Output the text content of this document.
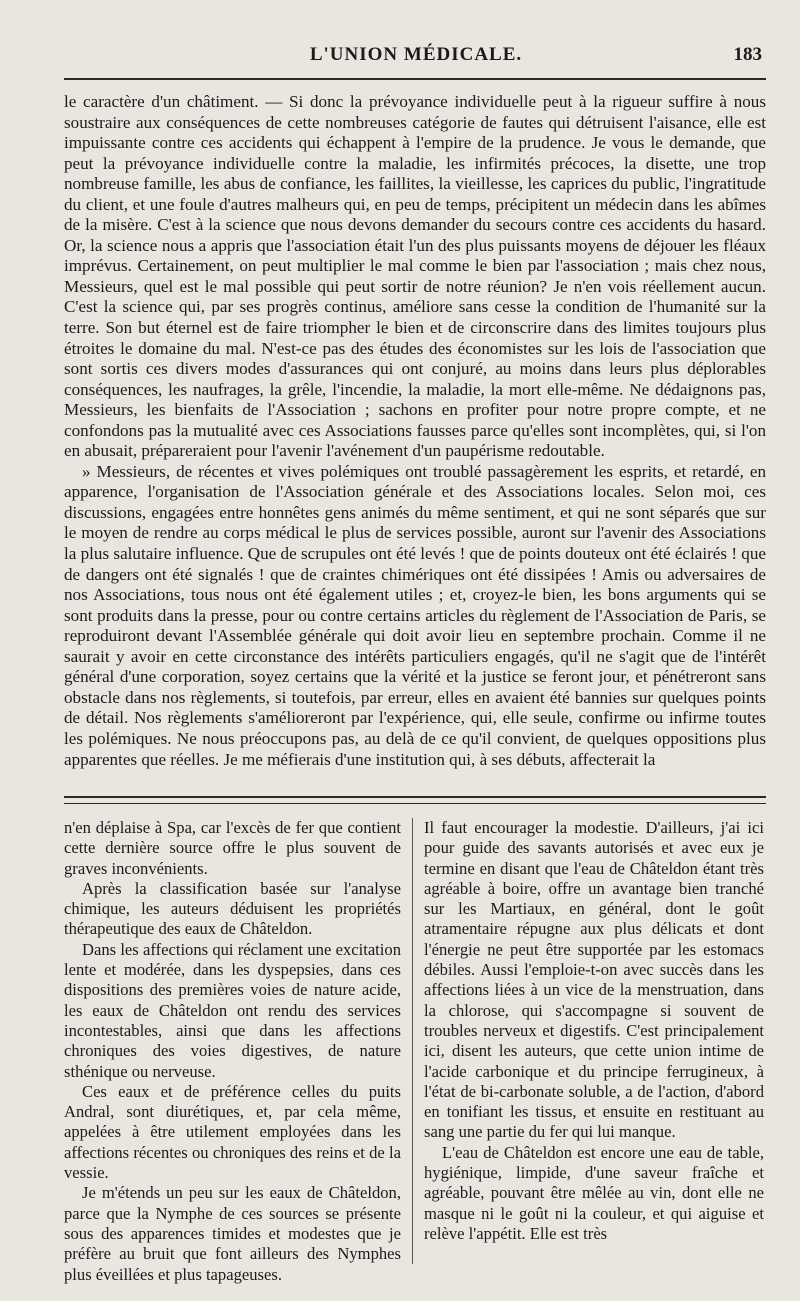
L'UNION MÉDICALE.	183

le caractère d'un châtiment. — Si donc la prévoyance individuelle peut à la rigueur suffire à nous soustraire aux conséquences de cette nombreuses catégorie de fautes qui détruisent l'aisance, elle est impuissante contre ces accidents qui échappent à l'empire de la prudence. Je vous le demande, que peut la prévoyance individuelle contre la maladie, les infirmités précoces, la disette, une trop nombreuse famille, les abus de confiance, les faillites, la vieillesse, les caprices du public, l'ingratitude du client, et une foule d'autres malheurs qui, en peu de temps, précipitent un médecin dans les abîmes de la misère. C'est à la science que nous devons demander du secours contre ces accidents du hasard. Or, la science nous a appris que l'association était l'un des plus puissants moyens de déjouer les fléaux imprévus. Certainement, on peut multiplier le mal comme le bien par l'association ; mais chez nous, Messieurs, quel est le mal possible qui peut sortir de notre réunion? Je n'en vois réellement aucun. C'est la science qui, par ses progrès continus, améliore sans cesse la condition de l'humanité sur la terre. Son but éternel est de faire triompher le bien et de circonscrire dans des limites toujours plus étroites le domaine du mal. N'est-ce pas des études des économistes sur les lois de l'association que sont sortis ces divers modes d'assurances qui ont conjuré, au moins dans leurs plus déplorables conséquences, les naufrages, la grêle, l'incendie, la maladie, la mort elle-même. Ne dédaignons pas, Messieurs, les bienfaits de l'Association ; sachons en profiter pour notre propre compte, et ne confondons pas la mutualité avec ces Associations fausses parce qu'elles sont incomplètes, qui, si l'on en abusait, prépareraient pour l'avenir l'avénement d'un paupérisme redoutable.

» Messieurs, de récentes et vives polémiques ont troublé passagèrement les esprits, et retardé, en apparence, l'organisation de l'Association générale et des Associations locales. Selon moi, ces discussions, engagées entre honnêtes gens animés du même sentiment, et qui ne sont séparés que sur le moyen de rendre au corps médical le plus de services possible, auront sur l'avenir des Associations la plus salutaire influence. Que de scrupules ont été levés ! que de points douteux ont été éclairés ! que de dangers ont été signalés ! que de craintes chimériques ont été dissipées ! Amis ou adversaires de nos Associations, tous nous ont été également utiles ; et, croyez-le bien, les bons arguments qui se sont produits dans la presse, pour ou contre certains articles du règlement de l'Association de Paris, se reproduiront devant l'Assemblée générale qui doit avoir lieu en septembre prochain. Comme il ne saurait y avoir en cette circonstance des intérêts particuliers engagés, qu'il ne s'agit que de l'intérêt général d'une corporation, soyez certains que la vérité et la justice se feront jour, et pénétreront sans obstacle dans nos règlements, si toutefois, par erreur, elles en avaient été bannies sur quelques points de détail. Nos règlements s'amélioreront par l'expérience, qui, elle seule, confirme ou infirme toutes les polémiques. Ne nous préoccupons pas, au delà de ce qu'il convient, de quelques oppositions plus apparentes que réelles. Je me méfierais d'une institution qui, à ses débuts, affecterait la

n'en déplaise à Spa, car l'excès de fer que contient cette dernière source offre le plus souvent de graves inconvénients.

Après la classification basée sur l'analyse chimique, les auteurs déduisent les propriétés thérapeutique des eaux de Châteldon.

Dans les affections qui réclament une excitation lente et modérée, dans les dyspepsies, dans ces dispositions des premières voies de nature acide, les eaux de Châteldon ont rendu des services incontestables, ainsi que dans les affections chroniques des voies digestives, de nature sthénique ou nerveuse.

Ces eaux et de préférence celles du puits Andral, sont diurétiques, et, par cela même, appelées à être utilement employées dans les affections récentes ou chroniques des reins et de la vessie.

Je m'étends un peu sur les eaux de Châteldon, parce que la Nymphe de ces sources se présente sous des apparences timides et modestes que je préfère au bruit que font ailleurs des Nymphes plus éveillées et plus tapageuses.

Il faut encourager la modestie. D'ailleurs, j'ai ici pour guide des savants autorisés et avec eux je termine en disant que l'eau de Châteldon étant très agréable à boire, offre un avantage bien tranché sur les Martiaux, en général, dont le goût atramentaire répugne aux plus délicats et dont l'énergie ne peut être supportée par les estomacs débiles. Aussi l'emploie-t-on avec succès dans les affections liées à un vice de la menstruation, dans la chlorose, qui s'accompagne si souvent de troubles nerveux et digestifs. C'est principalement ici, disent les auteurs, que cette union intime de l'acide carbonique et du principe ferrugineux, à l'état de bi-carbonate soluble, a de l'action, d'abord en tonifiant les tissus, et ensuite en restituant au sang une partie du fer qui lui manque.

L'eau de Châteldon est encore une eau de table, hygiénique, limpide, d'une saveur fraîche et agréable, pouvant être mêlée au vin, dont elle ne masque ni le goût ni la couleur, et qui aiguise et relève l'appétit. Elle est très
